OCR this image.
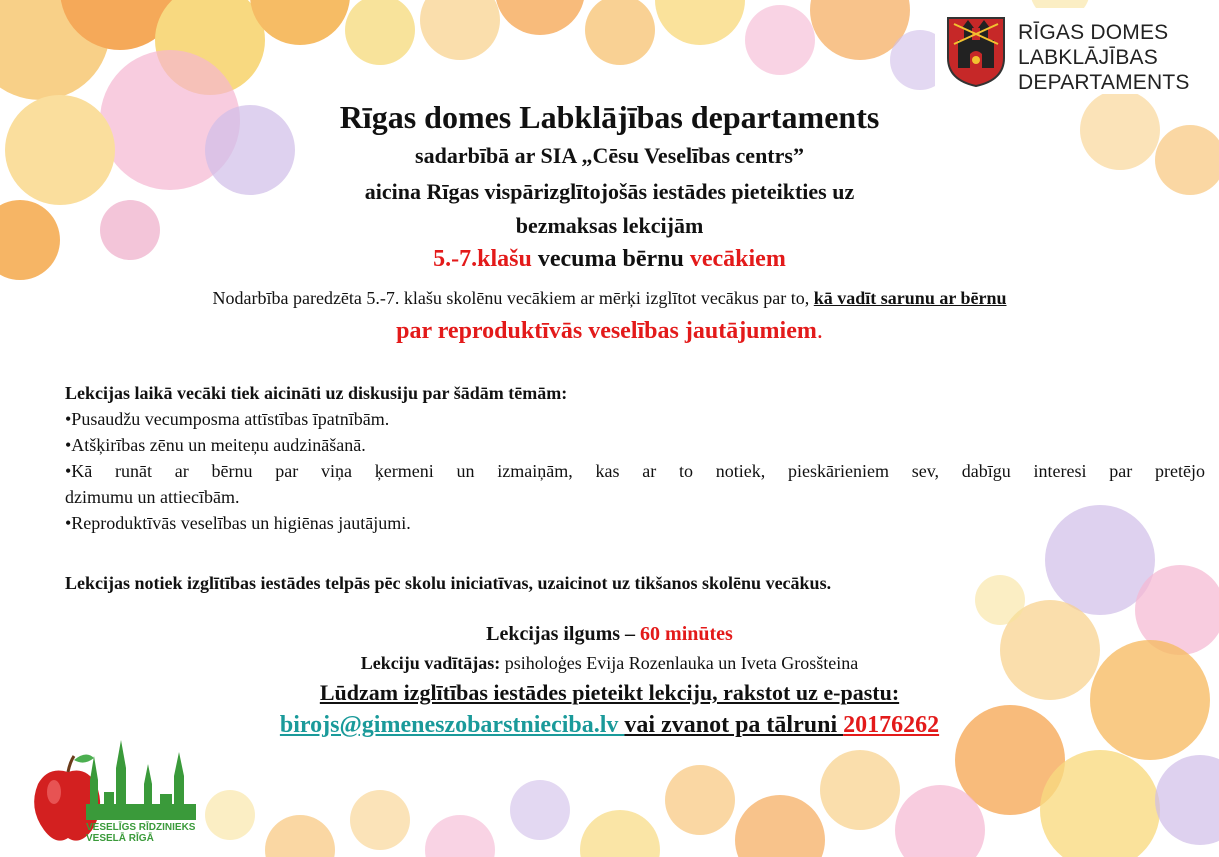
RĪGAS DOMES
LABKLĀJĪBAS
DEPARTAMENTS
Rīgas domes Labklājības departaments
sadarbībā ar SIA „Cēsu Veselības centrs”
aicina Rīgas vispārizglītojošās iestādes pieteikties uz
bezmaksas lekcijām
5.-7.klašu vecuma bērnu vecākiem
Nodarbība paredzēta 5.-7. klašu skolēnu vecākiem ar mērķi izglītot vecākus par to, kā vadīt sarunu ar bērnu
par reproduktīvās veselības jautājumiem.
Lekcijas laikā vecāki tiek aicināti uz diskusiju par šādām tēmām:
•Pusaudžu vecumposma attīstības īpatnībām.
•Atšķirības zēnu un meiteņu audzināšanā.
•Kā runāt ar bērnu par viņa ķermeni un izmaiņām, kas ar to notiek, pieskārieniem sev, dabīgu interesi par pretējo
dzimumu un attiecībām.
•Reproduktīvās veselības un higiēnas jautājumi.
Lekcijas notiek izglītības iestādes telpās pēc skolu iniciatīvas, uzaicinot uz tikšanos skolēnu vecākus.
Lekcijas ilgums – 60 minūtes
Lekciju vadītājas: psiholoģes Evija Rozenlauka un Iveta Grosšteina
Lūdzam izglītības iestādes pieteikt lekciju, rakstot uz e-pastu:
birojs@gimeneszobarstnieciba.lv vai zvanot pa tālruni 20176262
VESELĪGS RĪDZINIEKS
VESELĀ RĪGĀ
